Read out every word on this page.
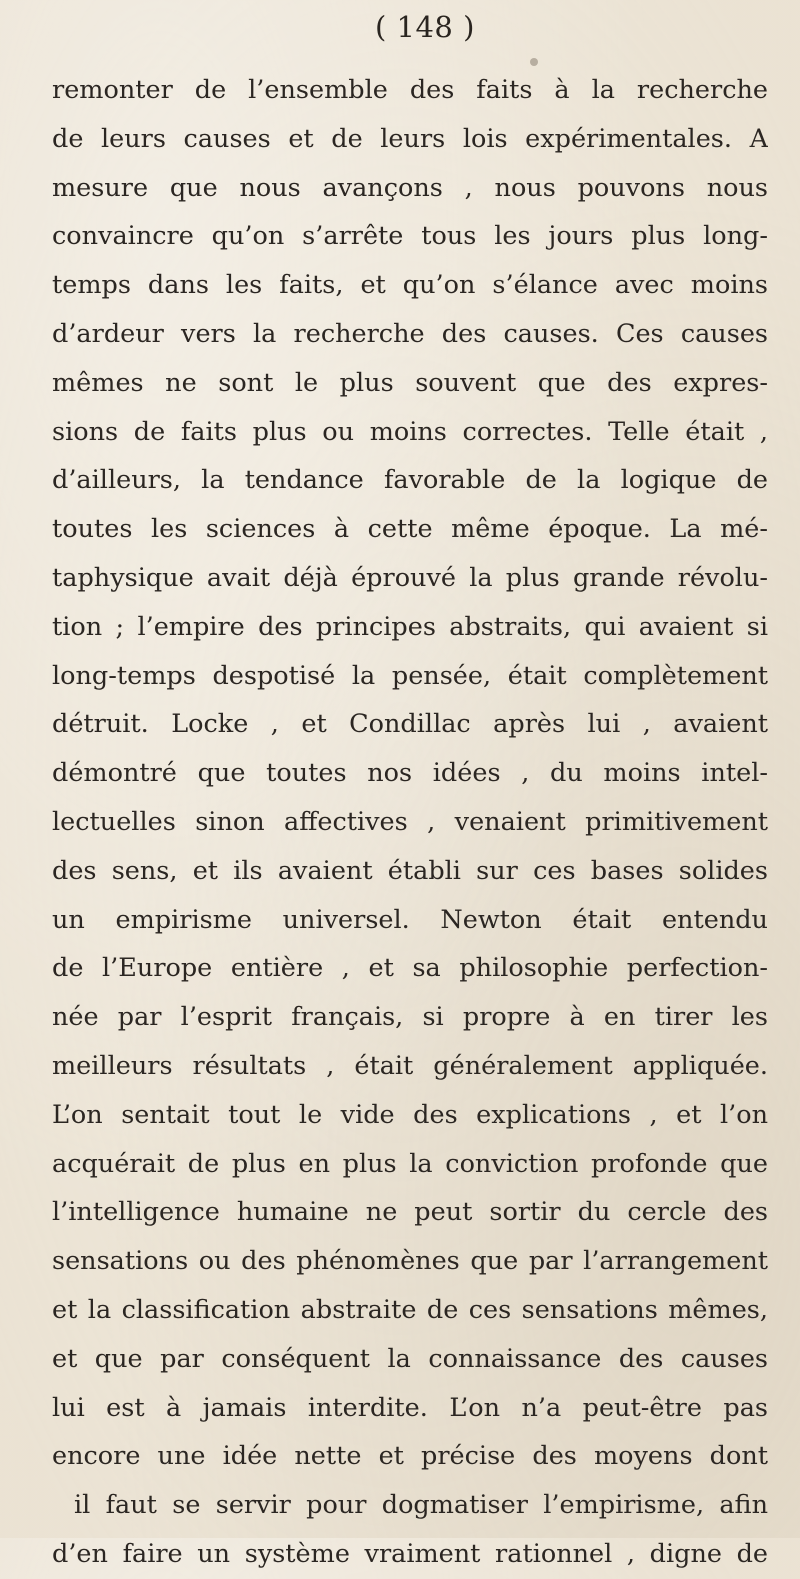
( 148 )
remonter de l’ensemble des faits à la recherche
de leurs causes et de leurs lois expérimentales. A
mesure que nous avançons , nous pouvons nous
convaincre qu’on s’arrête tous les jours plus long-
temps dans les faits, et qu’on s’élance avec moins
d’ardeur vers la recherche des causes. Ces causes
mêmes ne sont le plus souvent que des expres-
sions de faits plus ou moins correctes. Telle était ,
d’ailleurs, la tendance favorable de la logique de
toutes les sciences à cette même époque. La mé-
taphysique avait déjà éprouvé la plus grande révolu-
tion ; l’empire des principes abstraits, qui avaient si
long-temps despotisé la pensée, était complètement
détruit. Locke , et Condillac après lui , avaient
démontré que toutes nos idées , du moins intel-
lectuelles sinon affectives , venaient primitivement
des sens, et ils avaient établi sur ces bases solides
un empirisme universel. Newton était entendu
de l’Europe entière , et sa philosophie perfection-
née par l’esprit français, si propre à en tirer les
meilleurs résultats , était généralement appliquée.
L’on sentait tout le vide des explications , et l’on
acquérait de plus en plus la conviction profonde que
l’intelligence humaine ne peut sortir du cercle des
sensations ou des phénomènes que par l’arrangement
et la classification abstraite de ces sensations mêmes,
et que par conséquent la connaissance des causes
lui est à jamais interdite. L’on n’a peut-être pas
encore une idée nette et précise des moyens dont
il faut se servir pour dogmatiser l’empirisme, afin
d’en faire un système vraiment rationnel , digne de
